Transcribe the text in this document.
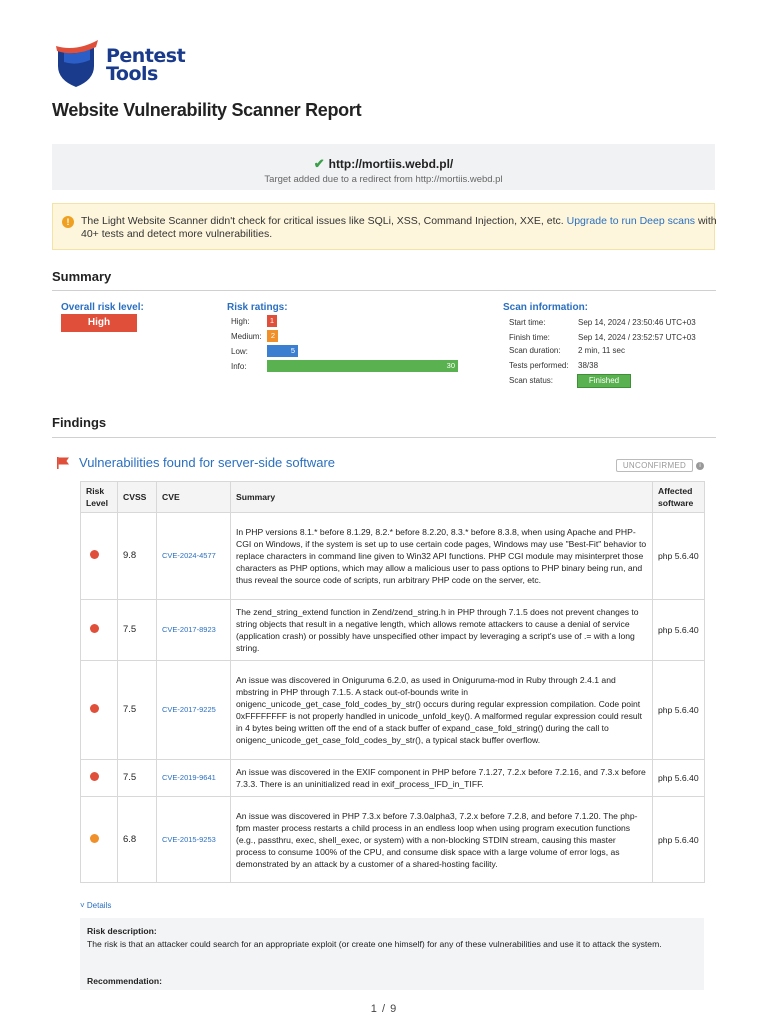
Pentest
Tools
Website Vulnerability Scanner Report
✔ http://mortiis.webd.pl/
Target added due to a redirect from http://mortiis.webd.pl
!	The Light Website Scanner didn't check for critical issues like SQLi, XSS, Command Injection, XXE, etc. Upgrade to run Deep scans with 40+ tests and detect more vulnerabilities.
Summary
Overall risk level:
High
Risk ratings:
High:
Medium:
Low:
Info:
1
2
5
30
Scan information:
Start time:	Sep 14, 2024 / 23:50:46 UTC+03
Finish time:	Sep 14, 2024 / 23:52:57 UTC+03
Scan duration: 2 min, 11 sec
Tests performed: 38/38
Scan status:	Finished
Findings
Vulnerabilities found for server-side software	UNCONFIRMED	i
Risk Level	CVSS	CVE	Summary	Affected software
	9.8	CVE-2024-4577	In PHP versions 8.1.* before 8.1.29, 8.2.* before 8.2.20, 8.3.* before 8.3.8, when using Apache and PHP-CGI on Windows, if the system is set up to use certain code pages, Windows may use "Best-Fit" behavior to replace characters in command line given to Win32 API functions. PHP CGI module may misinterpret those characters as PHP options, which may allow a malicious user to pass options to PHP binary being run, and thus reveal the source code of scripts, run arbitrary PHP code on the server, etc.	php 5.6.40
	7.5	CVE-2017-8923	The zend_string_extend function in Zend/zend_string.h in PHP through 7.1.5 does not prevent changes to string objects that result in a negative length, which allows remote attackers to cause a denial of service (application crash) or possibly have unspecified other impact by leveraging a script's use of .= with a long string.	php 5.6.40
	7.5	CVE-2017-9225	An issue was discovered in Oniguruma 6.2.0, as used in Oniguruma-mod in Ruby through 2.4.1 and mbstring in PHP through 7.1.5. A stack out-of-bounds write in onigenc_unicode_get_case_fold_codes_by_str() occurs during regular expression compilation. Code point 0xFFFFFFFF is not properly handled in unicode_unfold_key(). A malformed regular expression could result in 4 bytes being written off the end of a stack buffer of expand_case_fold_string() during the call to onigenc_unicode_get_case_fold_codes_by_str(), a typical stack buffer overflow.	php 5.6.40
	7.5	CVE-2019-9641	An issue was discovered in the EXIF component in PHP before 7.1.27, 7.2.x before 7.2.16, and 7.3.x before 7.3.3. There is an uninitialized read in exif_process_IFD_in_TIFF.	php 5.6.40
	6.8	CVE-2015-9253	An issue was discovered in PHP 7.3.x before 7.3.0alpha3, 7.2.x before 7.2.8, and before 7.1.20. The php-fpm master process restarts a child process in an endless loop when using program execution functions (e.g., passthru, exec, shell_exec, or system) with a non-blocking STDIN stream, causing this master process to consume 100% of the CPU, and consume disk space with a large volume of error logs, as demonstrated by an attack by a customer of a shared-hosting facility.	php 5.6.40
˅ Details
Risk description:
The risk is that an attacker could search for an appropriate exploit (or create one himself) for any of these vulnerabilities and use it to attack the system.
Recommendation:
1 / 9
